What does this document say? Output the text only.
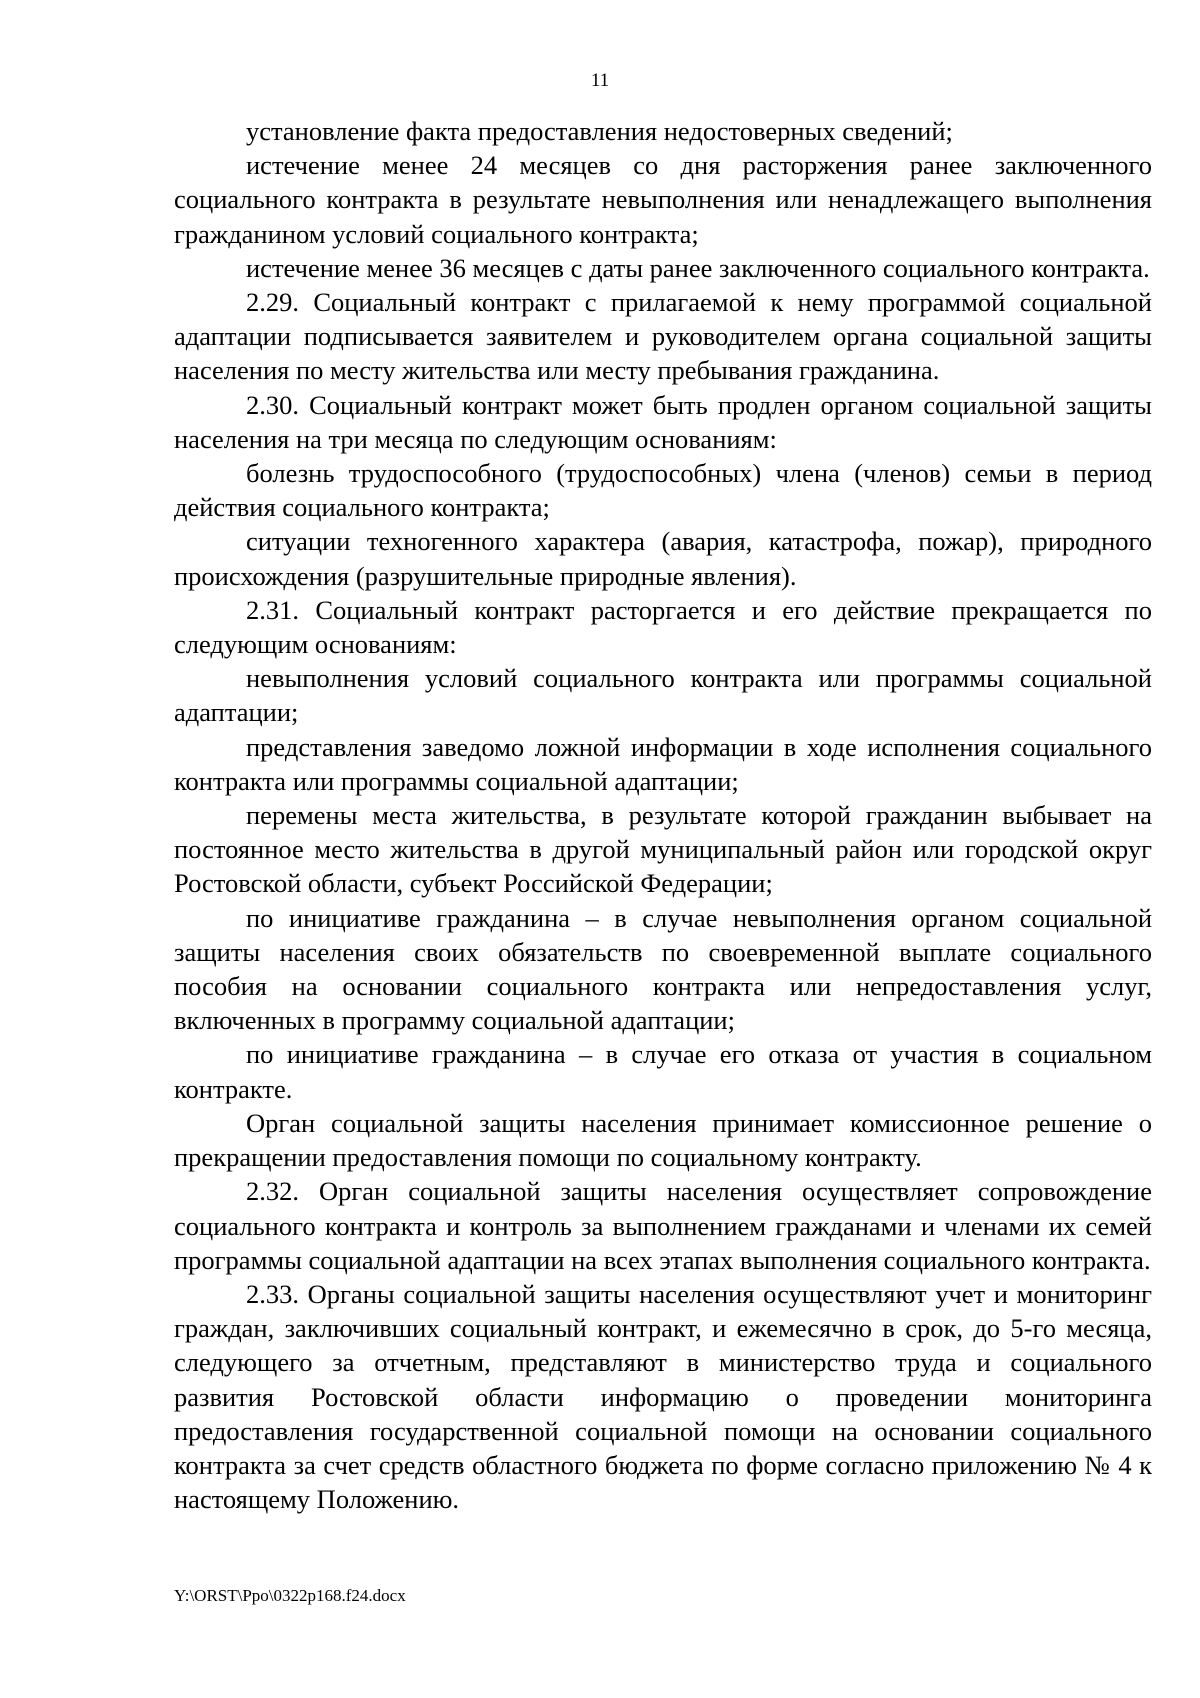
11

установление факта предоставления недостоверных сведений;

истечение менее 24 месяцев со дня расторжения ранее заключенного социального контракта в результате невыполнения или ненадлежащего выполнения гражданином условий социального контракта;

истечение менее 36 месяцев с даты ранее заключенного социального контракта.

2.29. Социальный контракт с прилагаемой к нему программой социальной адаптации подписывается заявителем и руководителем органа социальной защиты населения по месту жительства или месту пребывания гражданина.

2.30. Социальный контракт может быть продлен органом социальной защиты населения на три месяца по следующим основаниям:

болезнь трудоспособного (трудоспособных) члена (членов) семьи в период действия социального контракта;

ситуации техногенного характера (авария, катастрофа, пожар), природного происхождения (разрушительные природные явления).

2.31. Социальный контракт расторгается и его действие прекращается по следующим основаниям:

невыполнения условий социального контракта или программы социальной адаптации;

представления заведомо ложной информации в ходе исполнения социального контракта или программы социальной адаптации;

перемены места жительства, в результате которой гражданин выбывает на постоянное место жительства в другой муниципальный район или городской округ Ростовской области, субъект Российской Федерации;

по инициативе гражданина – в случае невыполнения органом социальной защиты населения своих обязательств по своевременной выплате социального пособия на основании социального контракта или непредоставления услуг, включенных в программу социальной адаптации;

по инициативе гражданина – в случае его отказа от участия в социальном контракте.

Орган социальной защиты населения принимает комиссионное решение о прекращении предоставления помощи по социальному контракту.

2.32. Орган социальной защиты населения осуществляет сопровождение социального контракта и контроль за выполнением гражданами и членами их семей программы социальной адаптации на всех этапах выполнения социального контракта.

2.33. Органы социальной защиты населения осуществляют учет и мониторинг граждан, заключивших социальный контракт, и ежемесячно в срок, до 5-го месяца, следующего за отчетным, представляют в министерство труда и социального развития Ростовской области информацию о проведении мониторинга предоставления государственной социальной помощи на основании социального контракта за счет средств областного бюджета по форме согласно приложению № 4 к настоящему Положению.

Y:\ORST\Ppo\0322p168.f24.docx
